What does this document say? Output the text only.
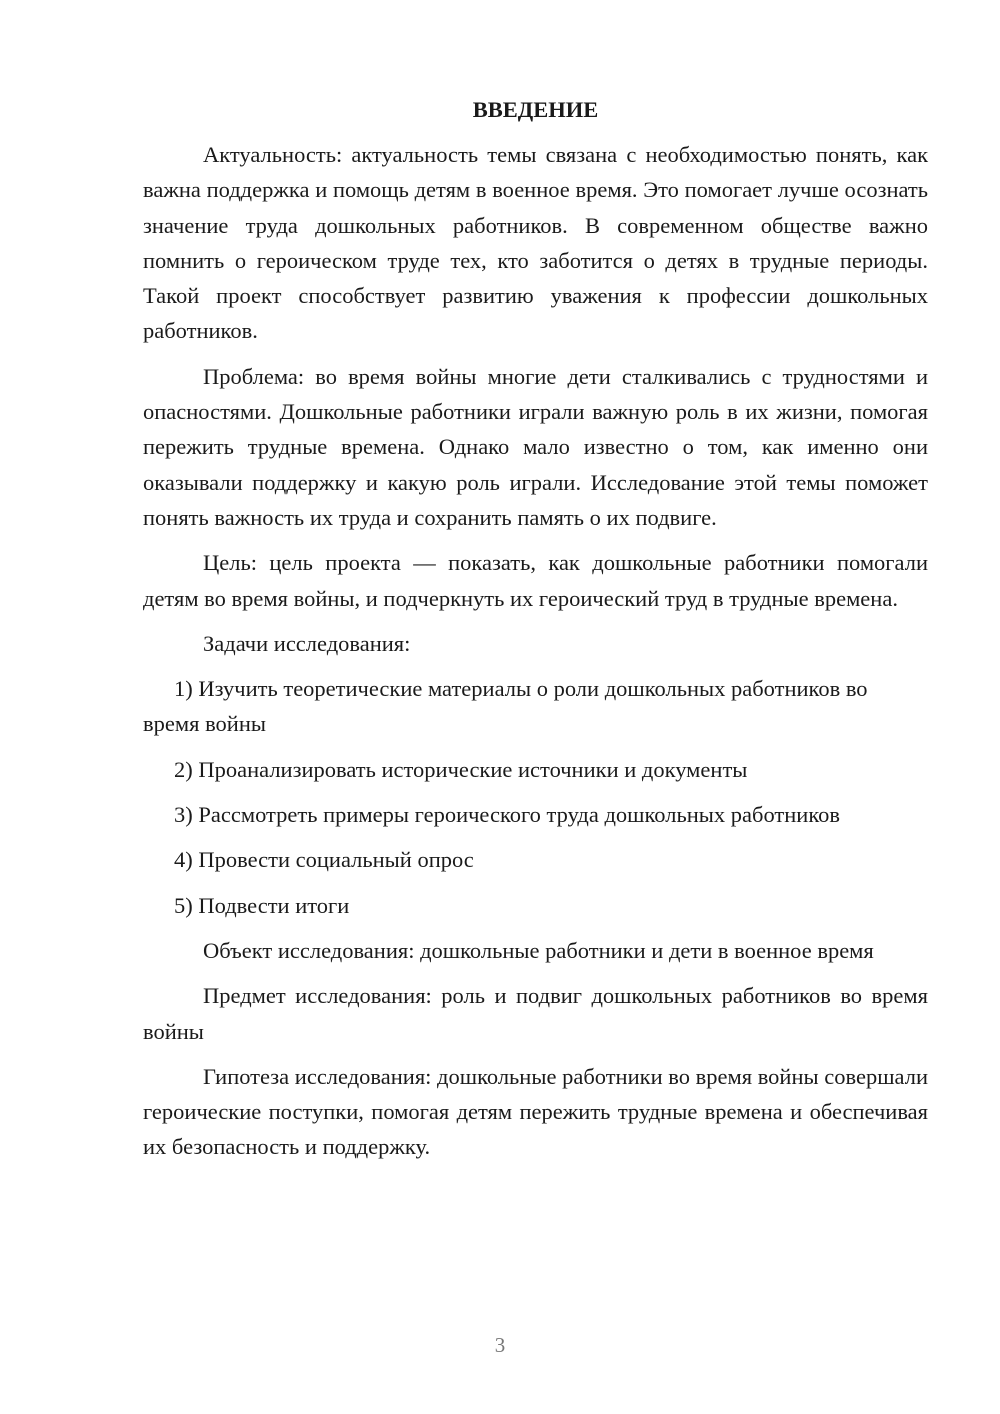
ВВЕДЕНИЕ

Актуальность: актуальность темы связана с необходимостью понять, как важна поддержка и помощь детям в военное время. Это помогает лучше осознать значение труда дошкольных работников. В современном обществе важно помнить о героическом труде тех, кто заботится о детях в трудные периоды. Такой проект способствует развитию уважения к профессии дошкольных работников.

Проблема: во время войны многие дети сталкивались с трудностями и опасностями. Дошкольные работники играли важную роль в их жизни, помогая пережить трудные времена. Однако мало известно о том, как именно они оказывали поддержку и какую роль играли. Исследование этой темы поможет понять важность их труда и сохранить память о их подвиге.

Цель: цель проекта — показать, как дошкольные работники помогали детям во время войны, и подчеркнуть их героический труд в трудные времена.

Задачи исследования:

1) Изучить теоретические материалы о роли дошкольных работников во время войны

2) Проанализировать исторические источники и документы

3) Рассмотреть примеры героического труда дошкольных работников

4) Провести социальный опрос

5) Подвести итоги

Объект исследования: дошкольные работники и дети в военное время

Предмет исследования: роль и подвиг дошкольных работников во время войны

Гипотеза исследования: дошкольные работники во время войны совершали героические поступки, помогая детям пережить трудные времена и обеспечивая их безопасность и поддержку.

3
